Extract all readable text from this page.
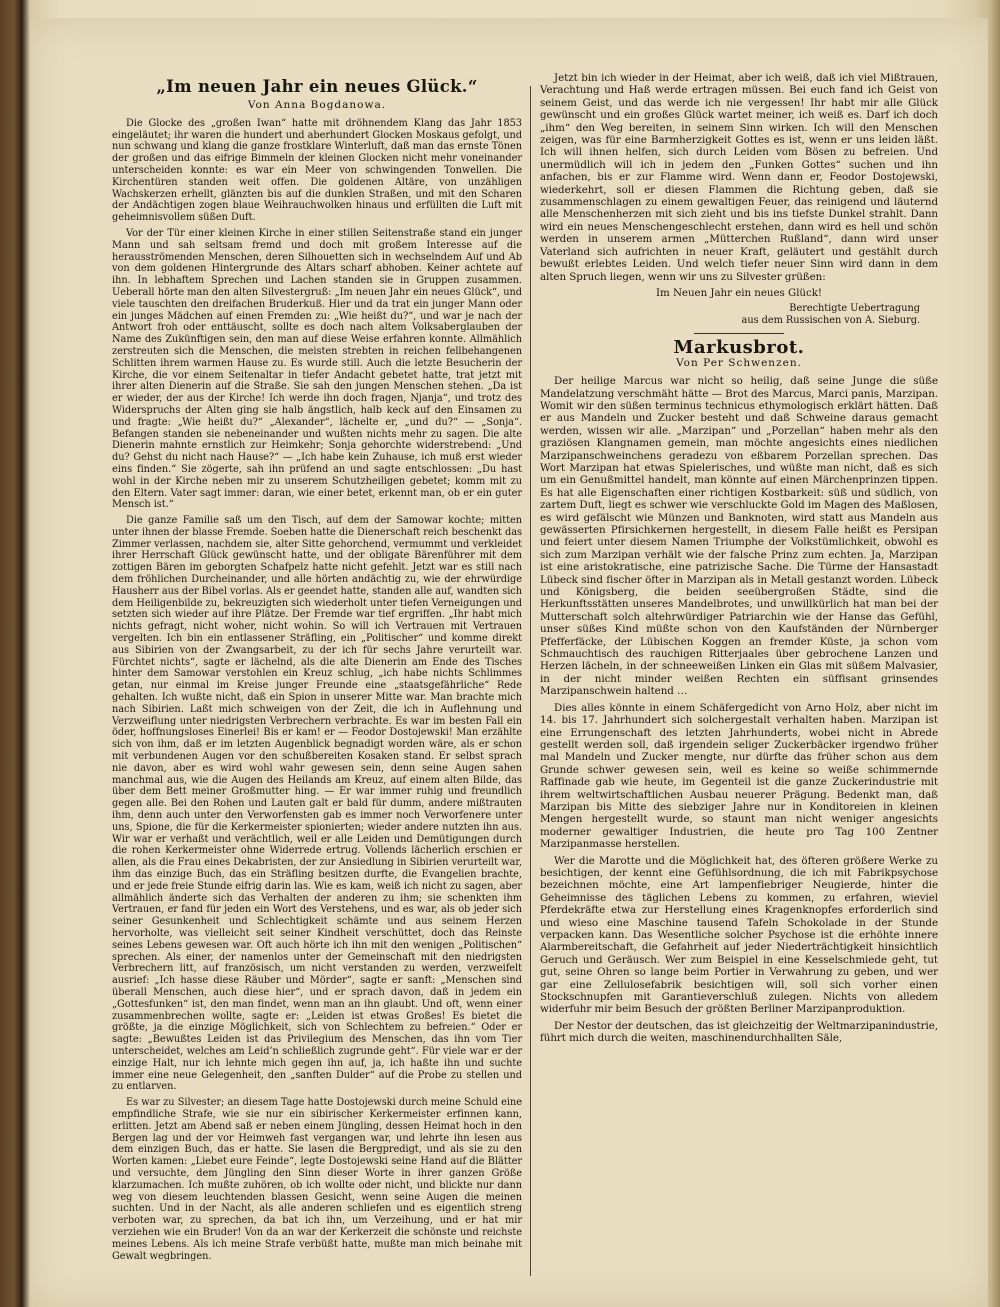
„Im neuen Jahr ein neues Glück.“
Von Anna Bogdanowa.

Die Glocke des „großen Iwan“ hatte mit dröhnendem Klang das Jahr 1853 eingeläutet; ihr waren die hundert und aberhundert Glocken Moskaus gefolgt, und nun schwang und klang die ganze frostklare Winterluft, daß man das ernste Tönen der großen und das eifrige Bimmeln der kleinen Glocken nicht mehr voneinander unterscheiden konnte: es war ein Meer von schwingenden Tonwellen. Die Kirchentüren standen weit offen. Die goldenen Altäre, von unzähligen Wachskerzen erhellt, glänzten bis auf die dunklen Straßen, und mit den Scharen der Andächtigen zogen blaue Weihrauchwolken hinaus und erfüllten die Luft mit geheimnisvollem süßen Duft.

Vor der Tür einer kleinen Kirche in einer stillen Seitenstraße stand ein junger Mann und sah seltsam fremd und doch mit großem Interesse auf die herausströmenden Menschen, deren Silhouetten sich in wechselndem Auf und Ab von dem goldenen Hintergrunde des Altars scharf abhoben. Keiner achtete auf ihn. In lebhaftem Sprechen und Lachen standen sie in Gruppen zusammen. Ueberall hörte man den alten Silvestergruß: „Im neuen Jahr ein neues Glück“, und viele tauschten den dreifachen Bruderkuß. Hier und da trat ein junger Mann oder ein junges Mädchen auf einen Fremden zu: „Wie heißt du?“, und war je nach der Antwort froh oder enttäuscht, sollte es doch nach altem Volksaberglauben der Name des Zukünftigen sein, den man auf diese Weise erfahren konnte. Allmählich zerstreuten sich die Menschen, die meisten strebten in reichen fellbehangenen Schlitten ihrem warmen Hause zu. Es wurde still. Auch die letzte Besucherin der Kirche, die vor einem Seitenaltar in tiefer Andacht gebetet hatte, trat jetzt mit ihrer alten Dienerin auf die Straße. Sie sah den jungen Menschen stehen. „Da ist er wieder, der aus der Kirche! Ich werde ihn doch fragen, Njanja“, und trotz des Widerspruchs der Alten ging sie halb ängstlich, halb keck auf den Einsamen zu und fragte: „Wie heißt du?“ „Alexander“, lächelte er, „und du?“ — „Sonja“. Befangen standen sie nebeneinander und wußten nichts mehr zu sagen. Die alte Dienerin mahnte ernstlich zur Heimkehr; Sonja gehorchte widerstrebend: „Und du? Gehst du nicht nach Hause?“ — „Ich habe kein Zuhause, ich muß erst wieder eins finden.“ Sie zögerte, sah ihn prüfend an und sagte entschlossen: „Du hast wohl in der Kirche neben mir zu unserem Schutzheiligen gebetet; komm mit zu den Eltern. Vater sagt immer: daran, wie einer betet, erkennt man, ob er ein guter Mensch ist.“

Die ganze Familie saß um den Tisch, auf dem der Samowar kochte; mitten unter ihnen der blasse Fremde. Soeben hatte die Dienerschaft reich beschenkt das Zimmer verlassen, nachdem sie, alter Sitte gehorchend, vermummt und verkleidet ihrer Herrschaft Glück gewünscht hatte, und der obligate Bärenführer mit dem zottigen Bären im geborgten Schafpelz hatte nicht gefehlt. Jetzt war es still nach dem fröhlichen Durcheinander, und alle hörten andächtig zu, wie der ehrwürdige Hausherr aus der Bibel vorlas. Als er geendet hatte, standen alle auf, wandten sich dem Heiligenbilde zu, bekreuzigten sich wiederholt unter tiefen Verneigungen und setzten sich wieder auf ihre Plätze. Der Fremde war tief ergriffen. „Ihr habt mich nichts gefragt, nicht woher, nicht wohin. So will ich Vertrauen mit Vertrauen vergelten. Ich bin ein entlassener Sträfling, ein „Politischer“ und komme direkt aus Sibirien von der Zwangsarbeit, zu der ich für sechs Jahre verurteilt war. Fürchtet nichts“, sagte er lächelnd, als die alte Dienerin am Ende des Tisches hinter dem Samowar verstohlen ein Kreuz schlug, „ich habe nichts Schlimmes getan, nur einmal im Kreise junger Freunde eine „staatsgefährliche“ Rede gehalten. Ich wußte nicht, daß ein Spion in unserer Mitte war. Man brachte mich nach Sibirien. Laßt mich schweigen von der Zeit, die ich in Auflehnung und Verzweiflung unter niedrigsten Verbrechern verbrachte. Es war im besten Fall ein öder, hoffnungsloses Einerlei! Bis er kam! er — Feodor Dostojewski! Man erzählte sich von ihm, daß er im letzten Augenblick begnadigt worden wäre, als er schon mit verbundenen Augen vor den schußbereiten Kosaken stand. Er selbst sprach nie davon, aber es wird wohl wahr gewesen sein, denn seine Augen sahen manchmal aus, wie die Augen des Heilands am Kreuz, auf einem alten Bilde, das über dem Bett meiner Großmutter hing. — Er war immer ruhig und freundlich gegen alle. Bei den Rohen und Lauten galt er bald für dumm, andere mißtrauten ihm, denn auch unter den Verworfensten gab es immer noch Verworfenere unter uns, Spione, die für die Kerkermeister spionierten; wieder andere nutzten ihn aus. Wir war er verhaßt und verächtlich, weil er alle Leiden und Demütigungen durch die rohen Kerkermeister ohne Widerrede ertrug. Vollends lächerlich erschien er allen, als die Frau eines Dekabristen, der zur Ansiedlung in Sibirien verurteilt war, ihm das einzige Buch, das ein Sträfling besitzen durfte, die Evangelien brachte, und er jede freie Stunde eifrig darin las. Wie es kam, weiß ich nicht zu sagen, aber allmählich änderte sich das Verhalten der anderen zu ihm; sie schenkten ihm Vertrauen, er fand für jeden ein Wort des Verstehens, und es war, als ob jeder sich seiner Gesunkenheit und Schlechtigkeit schämte und aus seinem Herzen hervorholte, was vielleicht seit seiner Kindheit verschüttet, doch das Reinste seines Lebens gewesen war. Oft auch hörte ich ihn mit den wenigen „Politischen“ sprechen. Als einer, der namenlos unter der Gemeinschaft mit den niedrigsten Verbrechern litt, auf französisch, um nicht verstanden zu werden, verzweifelt ausrief: „Ich hasse diese Räuber und Mörder“, sagte er sanft: „Menschen sind überall Menschen, auch diese hier“, und er sprach davon, daß in jedem ein „Gottesfunken“ ist, den man findet, wenn man an ihn glaubt. Und oft, wenn einer zusammenbrechen wollte, sagte er: „Leiden ist etwas Großes! Es bietet die größte, ja die einzige Möglichkeit, sich von Schlechtem zu befreien.“ Oder er sagte: „Bewußtes Leiden ist das Privilegium des Menschen, das ihn vom Tier unterscheidet, welches am Leid’n schließlich zugrunde geht“. Für viele war er der einzige Halt, nur ich lehnte mich gegen ihn auf, ja, ich haßte ihn und suchte immer eine neue Gelegenheit, den „sanften Dulder“ auf die Probe zu stellen und zu entlarven.

Es war zu Silvester; an diesem Tage hatte Dostojewski durch meine Schuld eine empfindliche Strafe, wie sie nur ein sibirischer Kerkermeister erfinnen kann, erlitten. Jetzt am Abend saß er neben einem Jüngling, dessen Heimat hoch in den Bergen lag und der vor Heimweh fast vergangen war, und lehrte ihn lesen aus dem einzigen Buch, das er hatte. Sie lasen die Bergpredigt, und als sie zu den Worten kamen: „Liebet eure Feinde“, legte Dostojewski seine Hand auf die Blätter und versuchte, dem Jüngling den Sinn dieser Worte in ihrer ganzen Größe klarzumachen. Ich mußte zuhören, ob ich wollte oder nicht, und blickte nur dann weg von diesem leuchtenden blassen Gesicht, wenn seine Augen die meinen suchten. Und in der Nacht, als alle anderen schliefen und es eigentlich streng verboten war, zu sprechen, da bat ich ihn, um Verzeihung, und er hat mir verziehen wie ein Bruder! Von da an war der Kerkerzeit die schönste und reichste meines Lebens. Als ich meine Strafe verbüßt hatte, mußte man mich beinahe mit Gewalt wegbringen.

Jetzt bin ich wieder in der Heimat, aber ich weiß, daß ich viel Mißtrauen, Verachtung und Haß werde ertragen müssen. Bei euch fand ich Geist von seinem Geist, und das werde ich nie vergessen! Ihr habt mir alle Glück gewünscht und ein großes Glück wartet meiner, ich weiß es. Darf ich doch „ihm“ den Weg bereiten, in seinem Sinn wirken. Ich will den Menschen zeigen, was für eine Barmherzigkeit Gottes es ist, wenn er uns leiden läßt. Ich will ihnen helfen, sich durch Leiden vom Bösen zu befreien. Und unermüdlich will ich in jedem den „Funken Gottes“ suchen und ihn anfachen, bis er zur Flamme wird. Wenn dann er, Feodor Dostojewski, wiederkehrt, soll er diesen Flammen die Richtung geben, daß sie zusammenschlagen zu einem gewaltigen Feuer, das reinigend und läuternd alle Menschenherzen mit sich zieht und bis ins tiefste Dunkel strahlt. Dann wird ein neues Menschengeschlecht erstehen, dann wird es hell und schön werden in unserem armen „Mütterchen Rußland“, dann wird unser Vaterland sich aufrichten in neuer Kraft, geläutert und gestählt durch bewußt erlebtes Leiden. Und welch tiefer neuer Sinn wird dann in dem alten Spruch liegen, wenn wir uns zu Silvester grüßen:

Im Neuen Jahr ein neues Glück!

Berechtigte Uebertragung
aus dem Russischen von A. Sieburg.

Markusbrot.
Von Per Schwenzen.

Der heilige Marcus war nicht so heilig, daß seine Junge die süße Mandelatzung verschmäht hätte — Brot des Marcus, Marci panis, Marzipan. Womit wir den süßen terminus technicus ethymologisch erklärt hätten. Daß er aus Mandeln und Zucker besteht und daß Schweine daraus gemacht werden, wissen wir alle. „Marzipan“ und „Porzellan“ haben mehr als den graziösen Klangnamen gemein, man möchte angesichts eines niedlichen Marzipanschweinchens geradezu von eßbarem Porzellan sprechen. Das Wort Marzipan hat etwas Spielerisches, und wüßte man nicht, daß es sich um ein Genußmittel handelt, man könnte auf einen Märchenprinzen tippen. Es hat alle Eigenschaften einer richtigen Kostbarkeit: süß und südlich, von zartem Duft, liegt es schwer wie verschluckte Gold im Magen des Maßlosen, es wird gefälscht wie Münzen und Banknoten, wird statt aus Mandeln aus gewässerten Pfirsichkernen hergestellt, in diesem Falle heißt es Persipan und feiert unter diesem Namen Triumphe der Volkstümlichkeit, obwohl es sich zum Marzipan verhält wie der falsche Prinz zum echten. Ja, Marzipan ist eine aristokratische, eine patrizische Sache. Die Türme der Hansastadt Lübeck sind fischer öfter in Marzipan als in Metall gestanzt worden. Lübeck und Königsberg, die beiden seeübergroßen Städte, sind die Herkunftsstätten unseres Mandelbrotes, und unwillkürlich hat man bei der Mutterschaft solch altehrwürdiger Patriarchin wie der Hanse das Gefühl, unser süßes Kind müßte schon von den Kaufständen der Nürnberger Pfefferfäcke, der Lübischen Koggen an fremder Küste, ja schon vom Schmauchtisch des rauchigen Ritterjaales über gebrochene Lanzen und Herzen lächeln, in der schneeweißen Linken ein Glas mit süßem Malvasier, in der nicht minder weißen Rechten ein süffisant grinsendes Marzipanschwein haltend …

Dies alles könnte in einem Schäfergedicht von Arno Holz, aber nicht im 14. bis 17. Jahrhundert sich solchergestalt verhalten haben. Marzipan ist eine Errungenschaft des letzten Jahrhunderts, wobei nicht in Abrede gestellt werden soll, daß irgendein seliger Zuckerbäcker irgendwo früher mal Mandeln und Zucker mengte, nur dürfte das früher schon aus dem Grunde schwer gewesen sein, weil es keine so weiße schimmernde Raffinade gab wie heute, im Gegenteil ist die ganze Zuckerindustrie mit ihrem weltwirtschaftlichen Ausbau neuerer Prägung. Bedenkt man, daß Marzipan bis Mitte des siebziger Jahre nur in Konditoreien in kleinen Mengen hergestellt wurde, so staunt man nicht weniger angesichts moderner gewaltiger Industrien, die heute pro Tag 100 Zentner Marzipanmasse herstellen.

Wer die Marotte und die Möglichkeit hat, des öfteren größere Werke zu besichtigen, der kennt eine Gefühlsordnung, die ich mit Fabrikpsychose bezeichnen möchte, eine Art lampenfiebriger Neugierde, hinter die Geheimnisse des täglichen Lebens zu kommen, zu erfahren, wieviel Pferdekräfte etwa zur Herstellung eines Kragenknopfes erforderlich sind und wieso eine Maschine tausend Tafeln Schokolade in der Stunde verpacken kann. Das Wesentliche solcher Psychose ist die erhöhte innere Alarmbereitschaft, die Gefahrheit auf jeder Niederträchtigkeit hinsichtlich Geruch und Geräusch. Wer zum Beispiel in eine Kesselschmiede geht, tut gut, seine Ohren so lange beim Portier in Verwahrung zu geben, und wer gar eine Zellulosefabrik besichtigen will, soll sich vorher einen Stockschnupfen mit Garantieverschluß zulegen. Nichts von alledem widerfuhr mir beim Besuch der größten Berliner Marzipanproduktion.

Der Nestor der deutschen, das ist gleichzeitig der Weltmarzipanindustrie, führt mich durch die weiten, maschinendurchhallten Säle,
